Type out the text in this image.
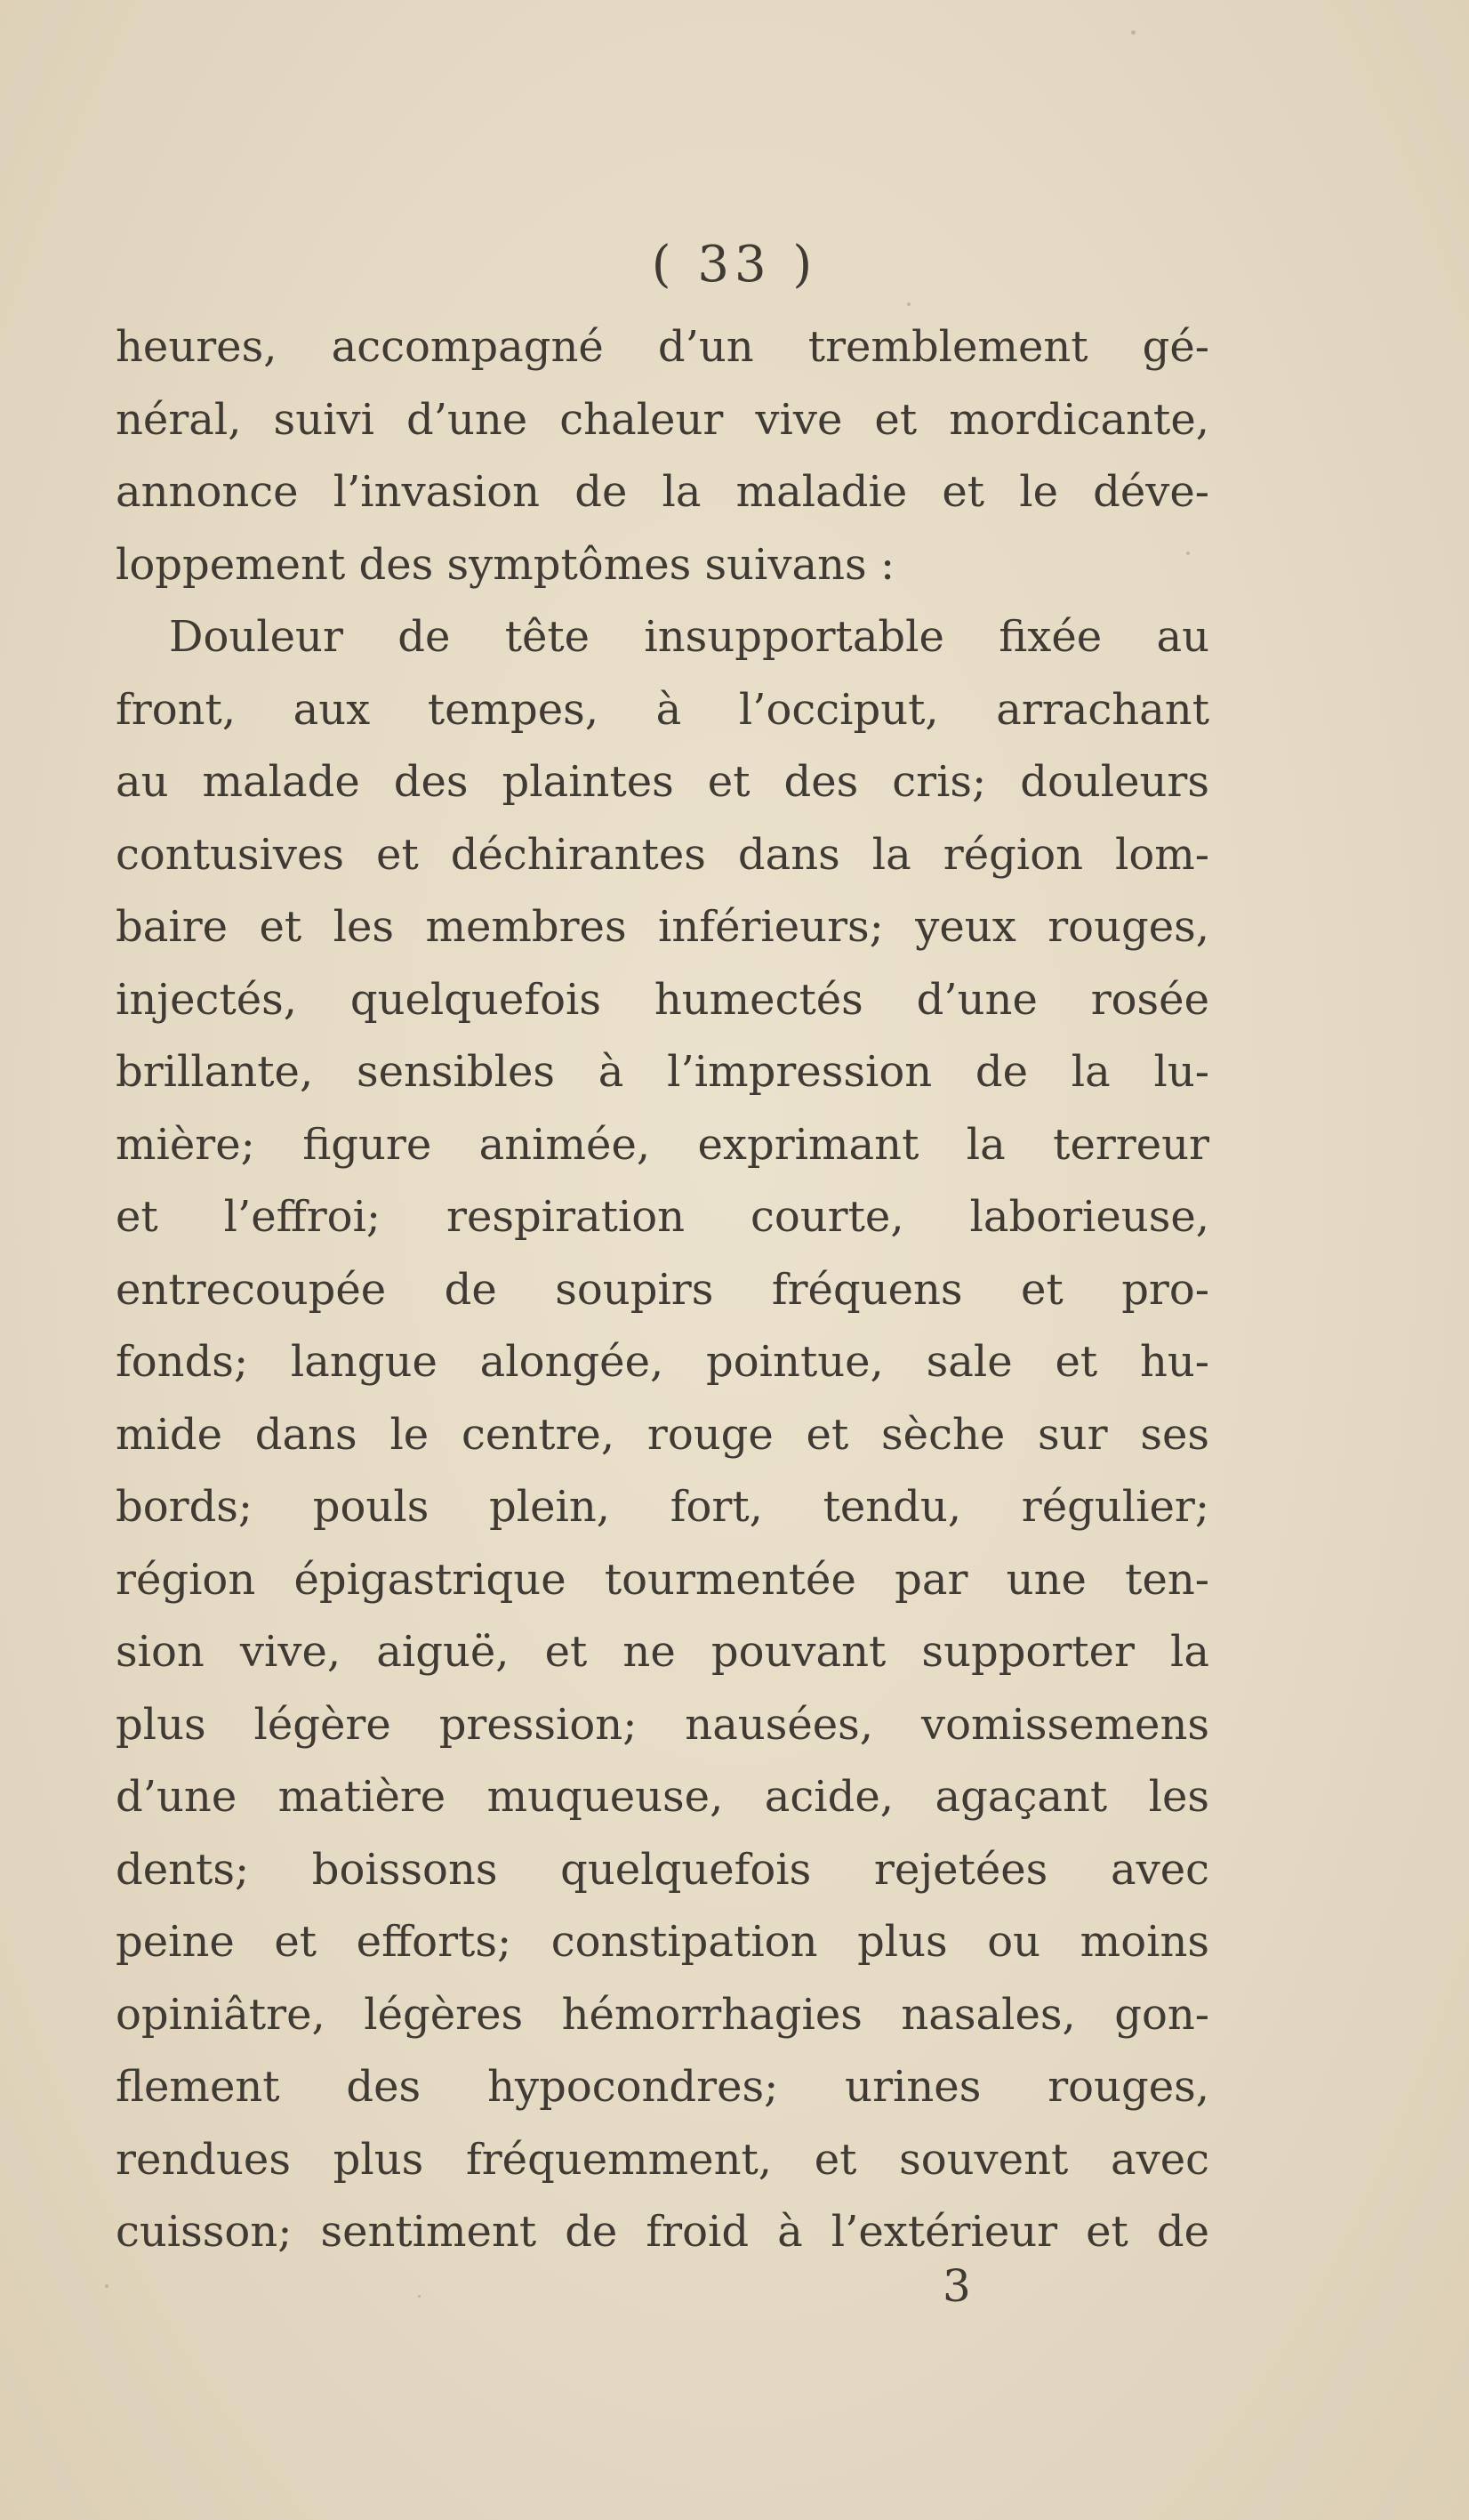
( 33 )
heures, accompagné d’un tremblement gé-
néral, suivi d’une chaleur vive et mordicante,
annonce l’invasion de la maladie et le déve-
loppement des symptômes suivans :
Douleur de tête insupportable fixée au
front, aux tempes, à l’occiput, arrachant
au malade des plaintes et des cris; douleurs
contusives et déchirantes dans la région lom-
baire et les membres inférieurs; yeux rouges,
injectés, quelquefois humectés d’une rosée
brillante, sensibles à l’impression de la lu-
mière; figure animée, exprimant la terreur
et l’effroi; respiration courte, laborieuse,
entrecoupée de soupirs fréquens et pro-
fonds; langue alongée, pointue, sale et hu-
mide dans le centre, rouge et sèche sur ses
bords; pouls plein, fort, tendu, régulier;
région épigastrique tourmentée par une ten-
sion vive, aiguë, et ne pouvant supporter la
plus légère pression; nausées, vomissemens
d’une matière muqueuse, acide, agaçant les
dents; boissons quelquefois rejetées avec
peine et efforts; constipation plus ou moins
opiniâtre, légères hémorrhagies nasales, gon-
flement des hypocondres; urines rouges,
rendues plus fréquemment, et souvent avec
cuisson; sentiment de froid à l’extérieur et de
3
